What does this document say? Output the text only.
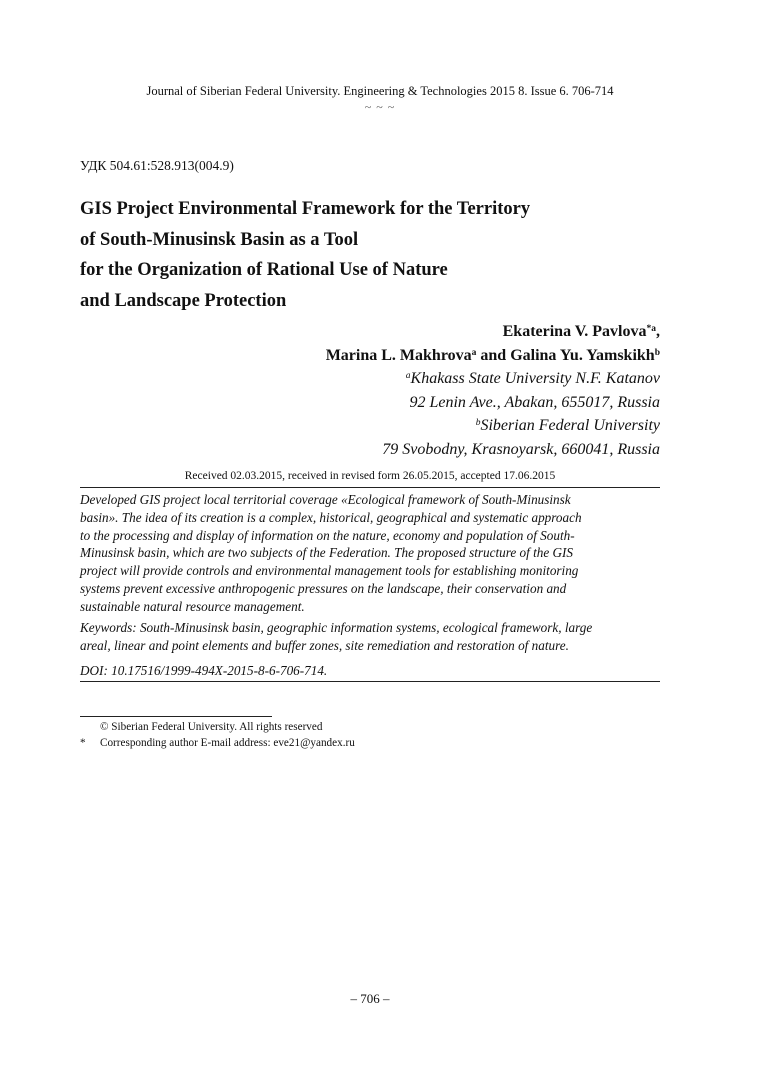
Journal of Siberian Federal University. Engineering & Technologies 2015 8. Issue 6. 706-714
~ ~ ~
УДК 504.61:528.913(004.9)
GIS Project Environmental Framework for the Territory
of South-Minusinsk Basin as a Tool
for the Organization of Rational Use of Nature
and Landscape Protection
Ekaterina V. Pavlova$^{*a}$,
Marina L. Makhrova$^a$ and Galina Yu. Yamskikh$^b$
$^a$Khakass State University N.F. Katanov
92 Lenin Ave., Abakan, 655017, Russia
$^b$Siberian Federal University
79 Svobodny, Krasnoyarsk, 660041, Russia
Received 02.03.2015, received in revised form 26.05.2015, accepted 17.06.2015
Developed GIS project local territorial coverage «Ecological framework of South-Minusinsk
basin». The idea of its creation is a complex, historical, geographical and systematic approach
to the processing and display of information on the nature, economy and population of South-
Minusinsk basin, which are two subjects of the Federation. The proposed structure of the GIS
project will provide controls and environmental management tools for establishing monitoring
systems prevent excessive anthropogenic pressures on the landscape, their conservation and
sustainable natural resource management.
Keywords: South-Minusinsk basin, geographic information systems, ecological framework, large
areal, linear and point elements and buffer zones, site remediation and restoration of nature.
DOI: 10.17516/1999-494X-2015-8-6-706-714.
© Siberian Federal University. All rights reserved
* Corresponding author E-mail address: eve21@yandex.ru
– 706 –
